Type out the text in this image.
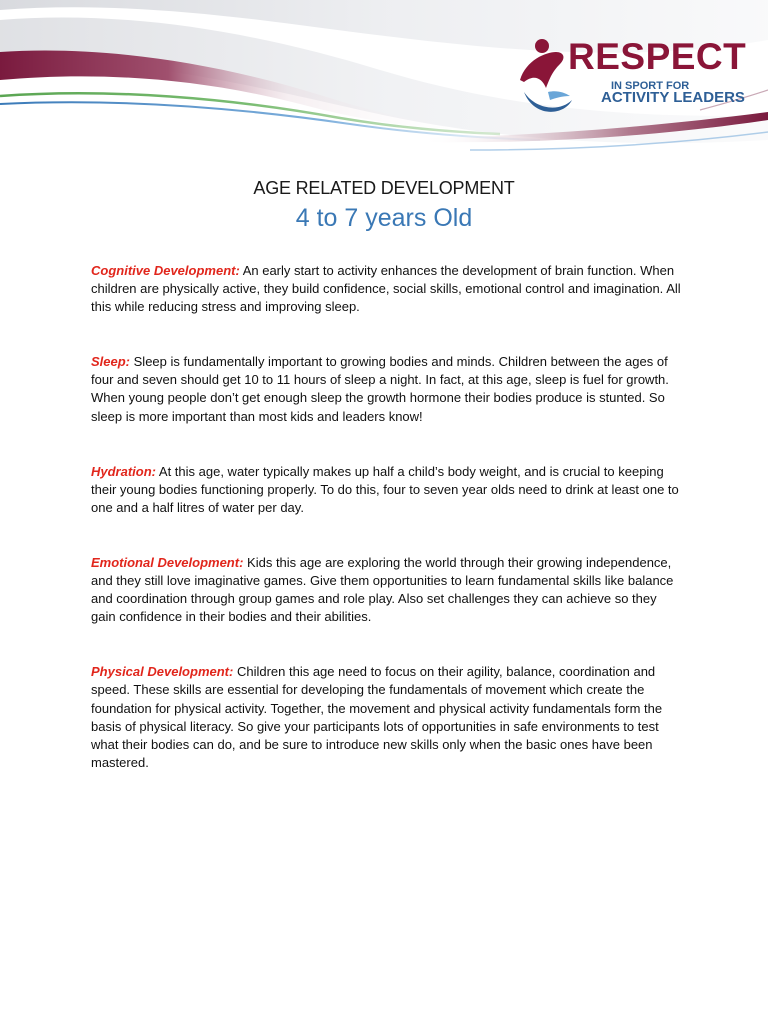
RESPECT
IN SPORT FOR
ACTIVITY LEADERS
AGE RELATED DEVELOPMENT
4 to 7 years Old

Cognitive Development: An early start to activity enhances the development of brain function. When children are physically active, they build confidence, social skills, emotional control and imagination. All this while reducing stress and improving sleep.

Sleep: Sleep is fundamentally important to growing bodies and minds. Children between the ages of four and seven should get 10 to 11 hours of sleep a night. In fact, at this age, sleep is fuel for growth. When young people don’t get enough sleep the growth hormone their bodies produce is stunted. So sleep is more important than most kids and leaders know!

Hydration: At this age, water typically makes up half a child’s body weight, and is crucial to keeping their young bodies functioning properly. To do this, four to seven year olds need to drink at least one to one and a half litres of water per day.

Emotional Development: Kids this age are exploring the world through their growing independence, and they still love imaginative games. Give them opportunities to learn fundamental skills like balance and coordination through group games and role play. Also set challenges they can achieve so they gain confidence in their bodies and their abilities.

Physical Development: Children this age need to focus on their agility, balance, coordination and speed. These skills are essential for developing the fundamentals of movement which create the foundation for physical activity. Together, the movement and physical activity fundamentals form the basis of physical literacy. So give your participants lots of opportunities in safe environments to test what their bodies can do, and be sure to introduce new skills only when the basic ones have been mastered.
